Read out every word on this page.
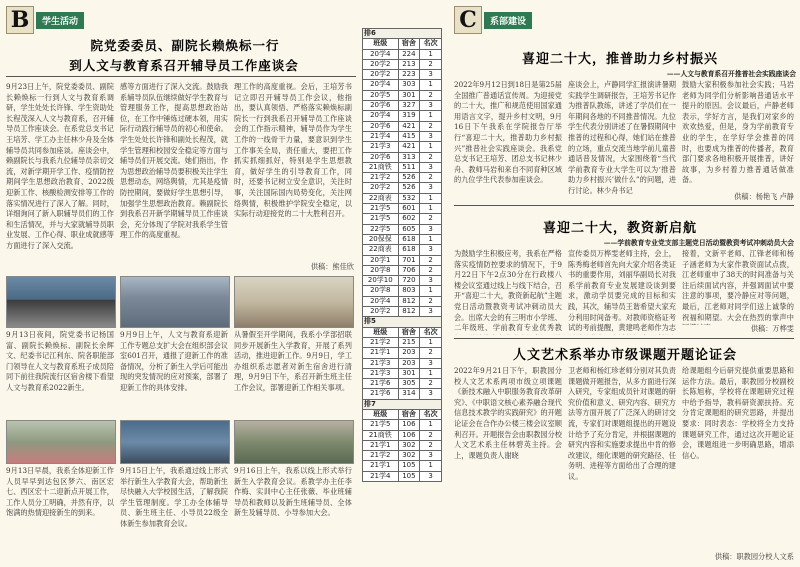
B	学生活动
院党委委员、副院长赖焕标一行
到人文与教育系召开辅导员工作座谈会
9月23日上午，院党委委员、副院长赖焕标一行到人文与教育系调研，学生处处长许锋、学生资助处长程茂深入人文与教育系，召开辅导员工作座谈会。在系党总支书记王培芳、学工办主任林少舟及全体辅导员共同参加座谈。座谈会中，赖副院长与我系九位辅导员亲切交流，对新学期开学工作、疫情防控期间学生思想政治教育、2022级迎新工作、核酸检测安排等工作的落实情况进行了深入了解。同时，详细询问了新入职辅导员们的工作和生活情况，并与大家就辅导员职业发展、工作心得、职业成就感等方面进行了深入交流。
感等方面进行了深入交流。鼓励我系辅导员队伍继续做好学生教育与管理服务工作，提高思想政治站位，在工作中锤炼过硬本领，用实际行动践行辅导员的初心和使命。学生处处长许锋和副处长程茂，就学生管理和校园安全稳定等方面与辅导员们开展交流。她们指出，作为思想政治辅导员要积极关注学生思想动态，网络舆情，尤其是疫情防控期间，要做好学生思想引导，加强学生思想政治教育。赖副院长到我系召开新学期辅导员工作座谈会，充分体现了学院对我系学生管理工作的高度重视。
理工作的高度重视。会后，王培芳书记立即召开辅导员工作会议，他指出，要认真领悟、严格落实赖焕标副院长一行到我系召开辅导员工作座谈会的工作指示精神，辅导员作为学生工作的一线骨干力量，要意识到学生工作事关全局，责任重大，要把工作抓实抓细抓好，特别是学生思想教育，做好学生的引导教育工作，同时，还要书记树立安全意识，关注时事，关注国际国内局势变化，关注网络舆情，积极维护学院安全稳定，以实际行动迎接党的二十大胜利召开。
供稿：熊佳欣
9月13日夜间，院党委书记杨国富、副院长赖焕标、副院长余辉文、纪委书记江利东、院各职能部门领导在人文与教育系班子成员陪同下前往我院流行区宿舍楼下看望人文与教育系2022新生。
9月9日上午，人文与教育系迎新工作专题总支扩大会在组织部会议室601召开，通报了迎新工作的准备情况，分析了新生入学后可能出现的突发情况的应对预案，部署了迎新工作的具体安排。
从暑假至开学期间，我系小学部招联同步开展新生入学教育，开展了系列活动，推进迎新工作。9月9日，学工办组织系志愿者对新生宿舍进行清理，9月9日下午，系召开新生班主任工作会议，部署迎新工作相关事项。
9月13日早晨，我系全体迎新工作人员早早到达包区梦六、南区宏七、西区宏十二迎新点开展工作，工作人员分工明确，并然有序，以饱满的热情迎接新生的到来。
9月15日上午，我系通过线上形式举行新生入学教育大会，帮助新生尽快融入大学校园生活，了解我院学生管理制度。学工办全体辅导员、新生班主任、小导员22级全体新生参加教育会议。
9月16日上午，我系以线上形式举行新生入学教育会议。系教学办主任李作梅、实训中心主任张薇、毕业班辅导员和教师以及新生班辅导员、全体新生及辅导员、小导参加大会。
排6		
班级	宿舍	名次
20学4	224	1
20学2	213	2
20学2	223	3
20学4	303	1
20学5	301	2
20学6	327	3
20学4	319	1
20学6	421	2
21学4	415	3
21学3	421	1
20学6	313	2
21商铁	511	3
21学2	526	2
20学2	526	3
22商表	532	1
21学5	601	1
21学5	602	2
22学5	605	3
20保保	618	1
22商表	618	3
20学1	701	2
20学8	706	2
20学10	720	3
20学8	803	1
20学4	812	2
20学2	812	3
排5		
班级	宿舍	名次
21学2	215	1
21学1	203	2
21学3	203	3
21学3	301	1
21学6	305	2
21学6	314	3
排7		
班级	宿舍	名次
21学5	106	1
21商铁	106	2
21学1	302	2
21学2	302	3
21学1	105	1
21学4	105	3
C	系部建设
喜迎二十大，推普助力乡村振兴
——人文与教育系召开推普社会实践座谈会
2022年9月12日到18日是第25届全国推广普通话宣传周。为迎接党的二十大，推广和规范使用国家通用语言文字，提升乡村文明，9月16日下午我系在学院报告厅举行“喜迎二十大，推普助力乡村振兴”推普社会实践座谈会。我系党总支书记王培芳、团总支书记林少舟、教师马岩和来自不同育种区域的九位学生代表参加座谈会。
座谈会上，卢静同学汇报演讲暑期实践学生调研报告，王培芳书记作为推普队教练，讲述了学员们在一年期间各地的不同推普情况。九位学生代表分别讲述了在暑假期间中推普的过程和心得，她们站在推普的立场，重点交流当地学前儿童普通话普及情况，大家围绕着“当代学前教育专业大学生可以为‘推普助力乡村振兴’做什么”的问题，进行讨论。林少舟书记
鼓励大家积极参加社会实践；马岩老师为同学们分析影响普通话水平提升的原因。会议最后，卢静老师表示，学好方言，是我们对家乡的欢欢热爱，但是，身为学前教育专业的学生，在学好学会推普的同时，也要成为推普的传播者，教育部门要求各地积极开展推普，讲好故事，为乡村着力推普通话做准备。
供稿：杨艳飞 卢静
喜迎二十大，教资新启航
——学前教育专业党支部主题党日活动暨教资考试冲刺动员大会
为鼓励学生积极应考，我系在严格落实疫情防控要求的情况下，于9月22日下午2点30分在行政楼八楼会议室通过线上与线下结合，召开“喜迎二十大，教资新起航”主题党日活动暨教资考试冲刺动员大会。出席大会的有三明市小学班、二年级班、学前教育专业优秀教
宣传委员万桦雯老师主持，会上，陈秀梅老师首先向大家介绍各类证书的重要作用，刘丽华副局长对我系学前教育专业发展建设谈到要求，激动学员要完成的目标和实践，其次，辅导员王谐希望大家充分利用时间备考。对教师资格证考试的考前提醒，黄建鸣老师作为志
接着，文新平老师、江锋老师和杨子涵老师为大家作教资面试点拨，江老师重申了38天的时间准备与关注后续面试内容，并强调面试中要注意的事项，要冷静应对等问题，最后，江老师对同学们送上诚挚的祝福和期望。大会在热烈的掌声中
供稿：万桦雯
人文艺术系举办市级课题开题论证会
2022年9月21日下午，职教园分校人文艺术系两项市级立项课题《新技术融入中职服务教育改革研究》、《中职语文核心素养融合现代信息技术教学的实践研究》的开题论证会在合作办公楼三楼会议室顺利召开。开题报告会由职教园分校人文艺术系主任林碧英主持。会上，课题负责人谢晓
卫老师和杨红珍老师分别对其负责课题做开题报告，从多方面进行深入研究，专家组成员针对课题的研究价值和意义、研究内容、研究方法等方面开展了广泛深入的研讨交流，专家们对课题组提出的开题设计给予了充分肯定，并根据课题的研究内容和实施要求提出中肯的修改建议，细化课题的研究路径、任务明、进程等方面给出了合理的建议。
给课题组今后研究提供重要思路和运作方法。最后，职教园分校副校长陈旭称，学校将在课题研究过程中给予指导，教科研资源扶持。充分肯定课题组的研究思路，并提出要求：同时表态：学校将全力支持课题研究工作，通过这次开题论证会，课题组进一步明确思路，增添信心。
供稿：职教园分校人文系
